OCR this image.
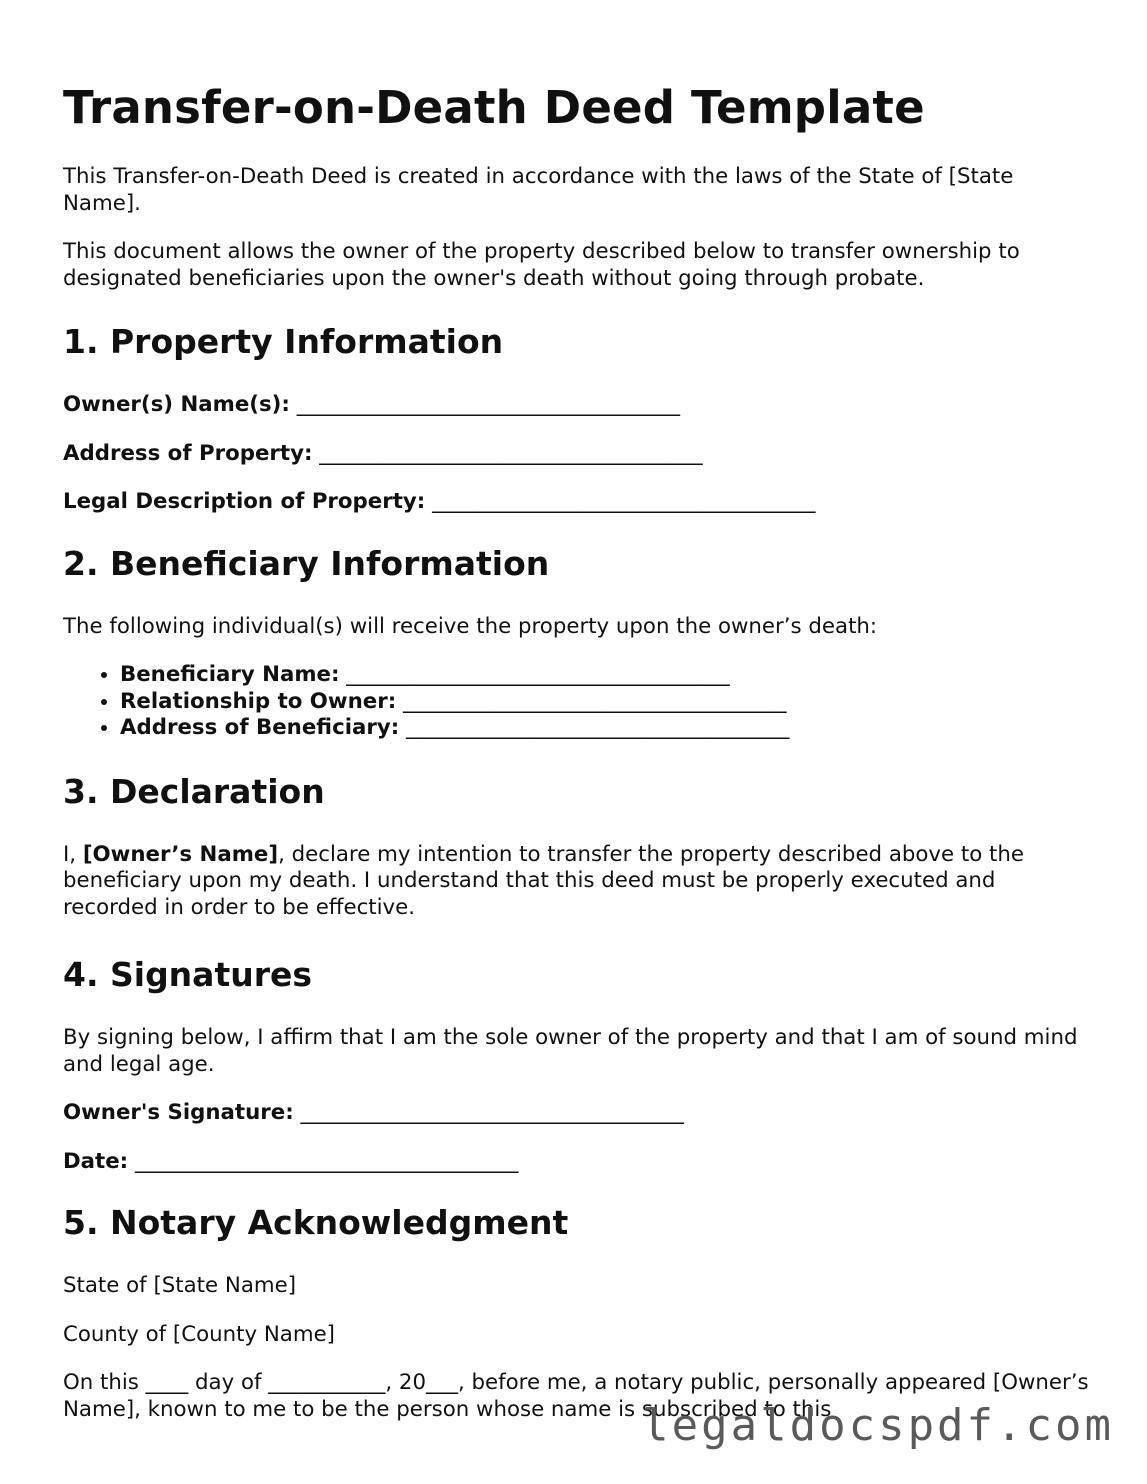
Transfer-on-Death Deed Template

This Transfer-on-Death Deed is created in accordance with the laws of the State of [State Name].

This document allows the owner of the property described below to transfer ownership to designated beneficiaries upon the owner's death without going through probate.

1. Property Information
Owner(s) Name(s): ____________________________________
Address of Property: ____________________________________
Legal Description of Property: ____________________________________
2. Beneficiary Information

The following individual(s) will receive the property upon the owner’s death:

• Beneficiary Name: ____________________________________
• Relationship to Owner: ____________________________________
• Address of Beneficiary: ____________________________________
3. Declaration

I, [Owner’s Name], declare my intention to transfer the property described above to the beneficiary upon my death. I understand that this deed must be properly executed and recorded in order to be effective.

4. Signatures

By signing below, I affirm that I am the sole owner of the property and that I am of sound mind and legal age.

Owner's Signature: ____________________________________
Date: ____________________________________
5. Notary Acknowledgment

State of [State Name]

County of [County Name]

On this ____ day of ___________, 20___, before me, a notary public, personally appeared [Owner’s Name], known to me to be the person whose name is subscribed to this

legaldocspdf.com
